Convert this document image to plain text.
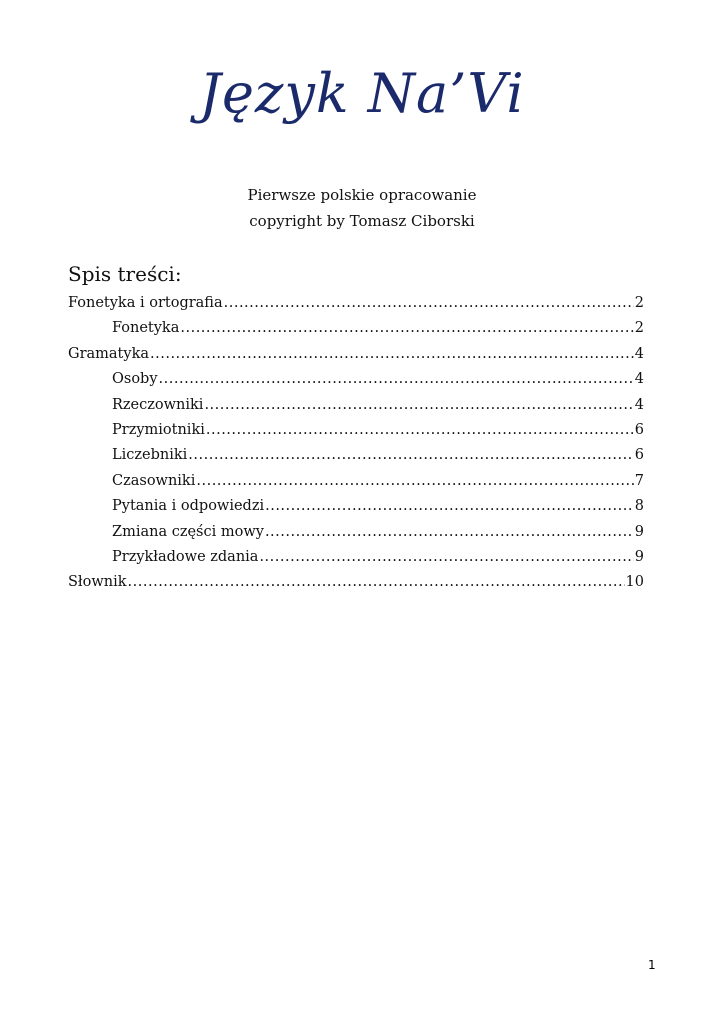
Język Na’Vi
Pierwsze polskie opracowanie
copyright by Tomasz Ciborski
Spis treści:
Fonetyka i ortografia .....	2
Fonetyka .....	2
Gramatyka .....	4
Osoby .....	4
Rzeczowniki .....	4
Przymiotniki .....	6
Liczebniki .....	6
Czasowniki .....	7
Pytania i odpowiedzi .....	8
Zmiana części mowy .....	9
Przykładowe zdania .....	9
Słownik .....	10
1
